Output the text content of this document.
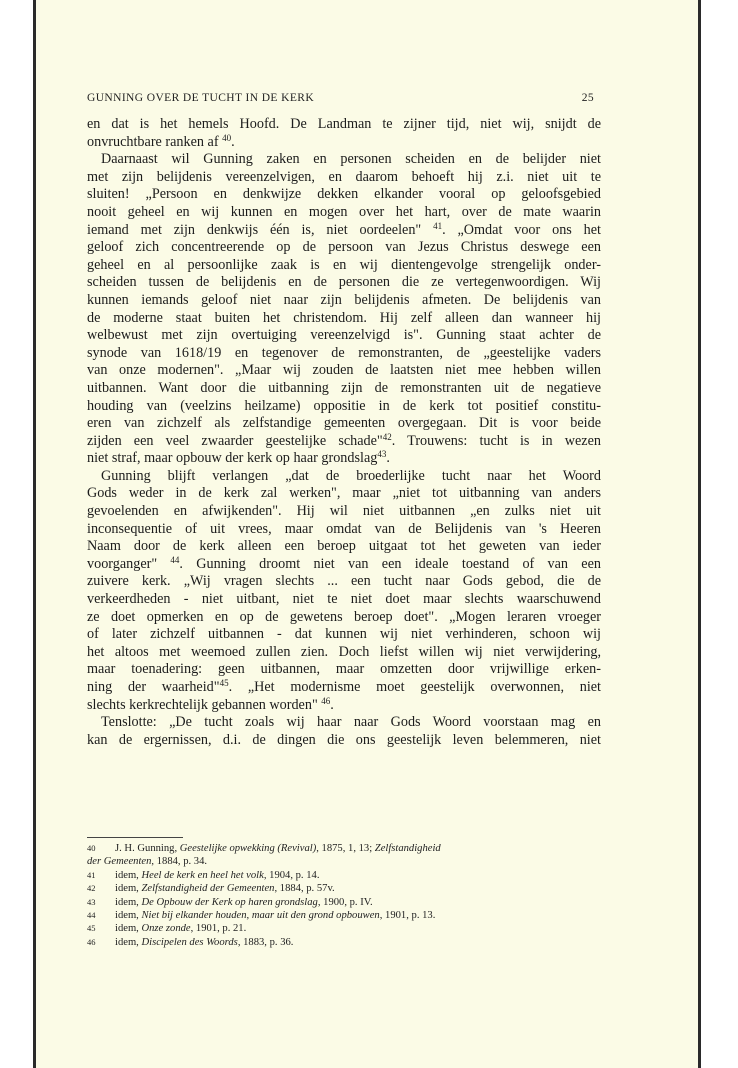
GUNNING OVER DE TUCHT IN DE KERK	25
en dat is het hemels Hoofd. De Landman te zijner tijd, niet wij, snijdt de
onvruchtbare ranken af $^{40}$.
Daarnaast wil Gunning zaken en personen scheiden en de belijder niet
met zijn belijdenis vereenzelvigen, en daarom behoeft hij z.i. niet uit te
sluiten! „Persoon en denkwijze dekken elkander vooral op geloofsgebied
nooit geheel en wij kunnen en mogen over het hart, over de mate waarin
iemand met zijn denkwijs één is, niet oordeelen" $^{41}$. „Omdat voor ons het
geloof zich concentreerende op de persoon van Jezus Christus deswege een
geheel en al persoonlijke zaak is en wij dientengevolge strengelijk onder-
scheiden tussen de belijdenis en de personen die ze vertegenwoordigen. Wij
kunnen iemands geloof niet naar zijn belijdenis afmeten. De belijdenis van
de moderne staat buiten het christendom. Hij zelf alleen dan wanneer hij
welbewust met zijn overtuiging vereenzelvigd is". Gunning staat achter de
synode van 1618/19 en tegenover de remonstranten, de „geestelijke vaders
van onze modernen". „Maar wij zouden de laatsten niet mee hebben willen
uitbannen. Want door die uitbanning zijn de remonstranten uit de negatieve
houding van (veelzins heilzame) oppositie in de kerk tot positief constitu-
eren van zichzelf als zelfstandige gemeenten overgegaan. Dit is voor beide
zijden een veel zwaarder geestelijke schade"$^{42}$. Trouwens: tucht is in wezen
niet straf, maar opbouw der kerk op haar grondslag$^{43}$.
Gunning blijft verlangen „dat de broederlijke tucht naar het Woord
Gods weder in de kerk zal werken", maar „niet tot uitbanning van anders
gevoelenden en afwijkenden". Hij wil niet uitbannen „en zulks niet uit
inconsequentie of uit vrees, maar omdat van de Belijdenis van 's Heeren
Naam door de kerk alleen een beroep uitgaat tot het geweten van ieder
voorganger" $^{44}$. Gunning droomt niet van een ideale toestand of van een
zuivere kerk. „Wij vragen slechts ... een tucht naar Gods gebod, die de
verkeerdheden - niet uitbant, niet te niet doet maar slechts waarschuwend
ze doet opmerken en op de gewetens beroep doet". „Mogen leraren vroeger
of later zichzelf uitbannen - dat kunnen wij niet verhinderen, schoon wij
het altoos met weemoed zullen zien. Doch liefst willen wij niet verwijdering,
maar toenadering: geen uitbannen, maar omzetten door vrijwillige erken-
ning der waarheid"$^{45}$. „Het modernisme moet geestelijk overwonnen, niet
slechts kerkrechtelijk gebannen worden" $^{46}$.
Tenslotte: „De tucht zoals wij haar naar Gods Woord voorstaan mag en
kan de ergernissen, d.i. de dingen die ons geestelijk leven belemmeren, niet
40 J. H. Gunning, Geestelijke opwekking (Revival), 1875, 1, 13; Zelfstandigheid
der Gemeenten, 1884, p. 34.
41 idem, Heel de kerk en heel het volk, 1904, p. 14.
42 idem, Zelfstandigheid der Gemeenten, 1884, p. 57v.
43 idem, De Opbouw der Kerk op haren grondslag, 1900, p. IV.
44 idem, Niet bij elkander houden, maar uit den grond opbouwen, 1901, p. 13.
45 idem, Onze zonde, 1901, p. 21.
46 idem, Discipelen des Woords, 1883, p. 36.
